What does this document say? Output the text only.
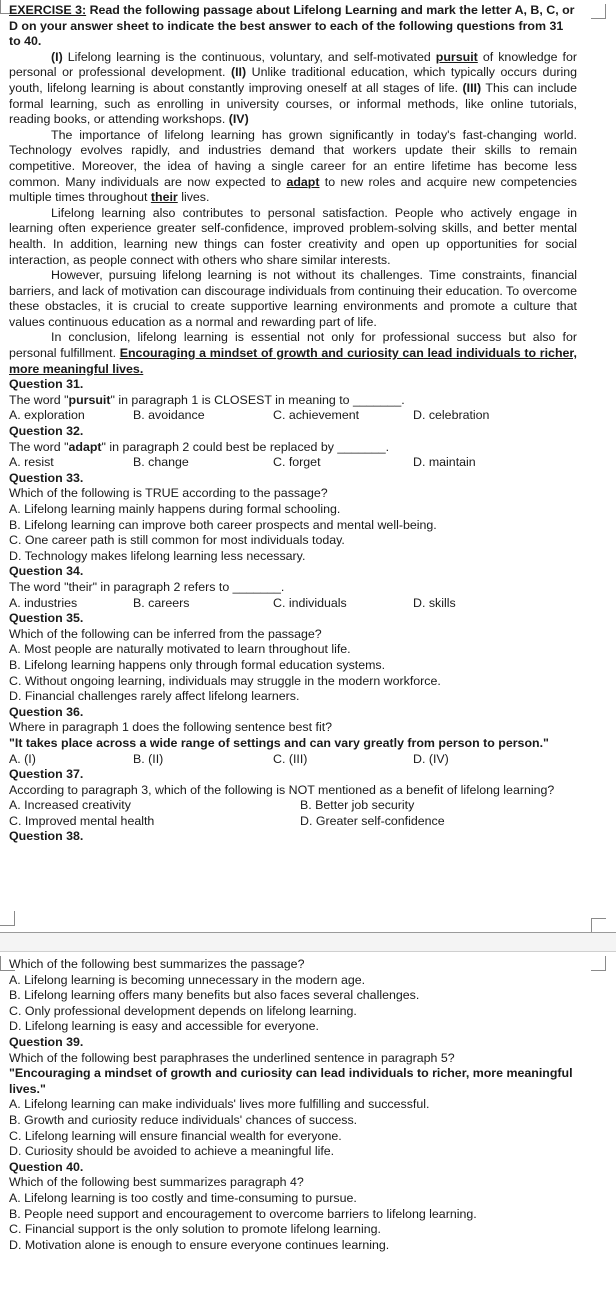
EXERCISE 3: Read the following passage about Lifelong Learning and mark the letter A, B, C, or D on your answer sheet to indicate the best answer to each of the following questions from 31 to 40.

(I) Lifelong learning is the continuous, voluntary, and self-motivated pursuit of knowledge for personal or professional development. (II) Unlike traditional education, which typically occurs during youth, lifelong learning is about constantly improving oneself at all stages of life. (III) This can include formal learning, such as enrolling in university courses, or informal methods, like online tutorials, reading books, or attending workshops. (IV)

The importance of lifelong learning has grown significantly in today's fast-changing world. Technology evolves rapidly, and industries demand that workers update their skills to remain competitive. Moreover, the idea of having a single career for an entire lifetime has become less common. Many individuals are now expected to adapt to new roles and acquire new competencies multiple times throughout their lives.

Lifelong learning also contributes to personal satisfaction. People who actively engage in learning often experience greater self-confidence, improved problem-solving skills, and better mental health. In addition, learning new things can foster creativity and open up opportunities for social interaction, as people connect with others who share similar interests.

However, pursuing lifelong learning is not without its challenges. Time constraints, financial barriers, and lack of motivation can discourage individuals from continuing their education. To overcome these obstacles, it is crucial to create supportive learning environments and promote a culture that values continuous education as a normal and rewarding part of life.

In conclusion, lifelong learning is essential not only for professional success but also for personal fulfillment. Encouraging a mindset of growth and curiosity can lead individuals to richer, more meaningful lives.

Question 31.

The word "pursuit" in paragraph 1 is CLOSEST in meaning to _______.

A. exploration	B. avoidance	C. achievement	D. celebration

Question 32.

The word "adapt" in paragraph 2 could best be replaced by _______.

A. resist	B. change	C. forget	D. maintain

Question 33.

Which of the following is TRUE according to the passage?

A. Lifelong learning mainly happens during formal schooling.

B. Lifelong learning can improve both career prospects and mental well-being.

C. One career path is still common for most individuals today.

D. Technology makes lifelong learning less necessary.

Question 34.

The word "their" in paragraph 2 refers to _______.

A. industries	B. careers	C. individuals	D. skills

Question 35.

Which of the following can be inferred from the passage?

A. Most people are naturally motivated to learn throughout life.

B. Lifelong learning happens only through formal education systems.

C. Without ongoing learning, individuals may struggle in the modern workforce.

D. Financial challenges rarely affect lifelong learners.

Question 36.

Where in paragraph 1 does the following sentence best fit?

"It takes place across a wide range of settings and can vary greatly from person to person."

A. (I)	B. (II)	C. (III)	D. (IV)

Question 37.

According to paragraph 3, which of the following is NOT mentioned as a benefit of lifelong learning?

A. Increased creativity	B. Better job security
C. Improved mental health	D. Greater self-confidence

Question 38.

Which of the following best summarizes the passage?

A. Lifelong learning is becoming unnecessary in the modern age.

B. Lifelong learning offers many benefits but also faces several challenges.

C. Only professional development depends on lifelong learning.

D. Lifelong learning is easy and accessible for everyone.

Question 39.

Which of the following best paraphrases the underlined sentence in paragraph 5?

"Encouraging a mindset of growth and curiosity can lead individuals to richer, more meaningful lives."

A. Lifelong learning can make individuals' lives more fulfilling and successful.

B. Growth and curiosity reduce individuals' chances of success.

C. Lifelong learning will ensure financial wealth for everyone.

D. Curiosity should be avoided to achieve a meaningful life.

Question 40.

Which of the following best summarizes paragraph 4?

A. Lifelong learning is too costly and time-consuming to pursue.

B. People need support and encouragement to overcome barriers to lifelong learning.

C. Financial support is the only solution to promote lifelong learning.

D. Motivation alone is enough to ensure everyone continues learning.
